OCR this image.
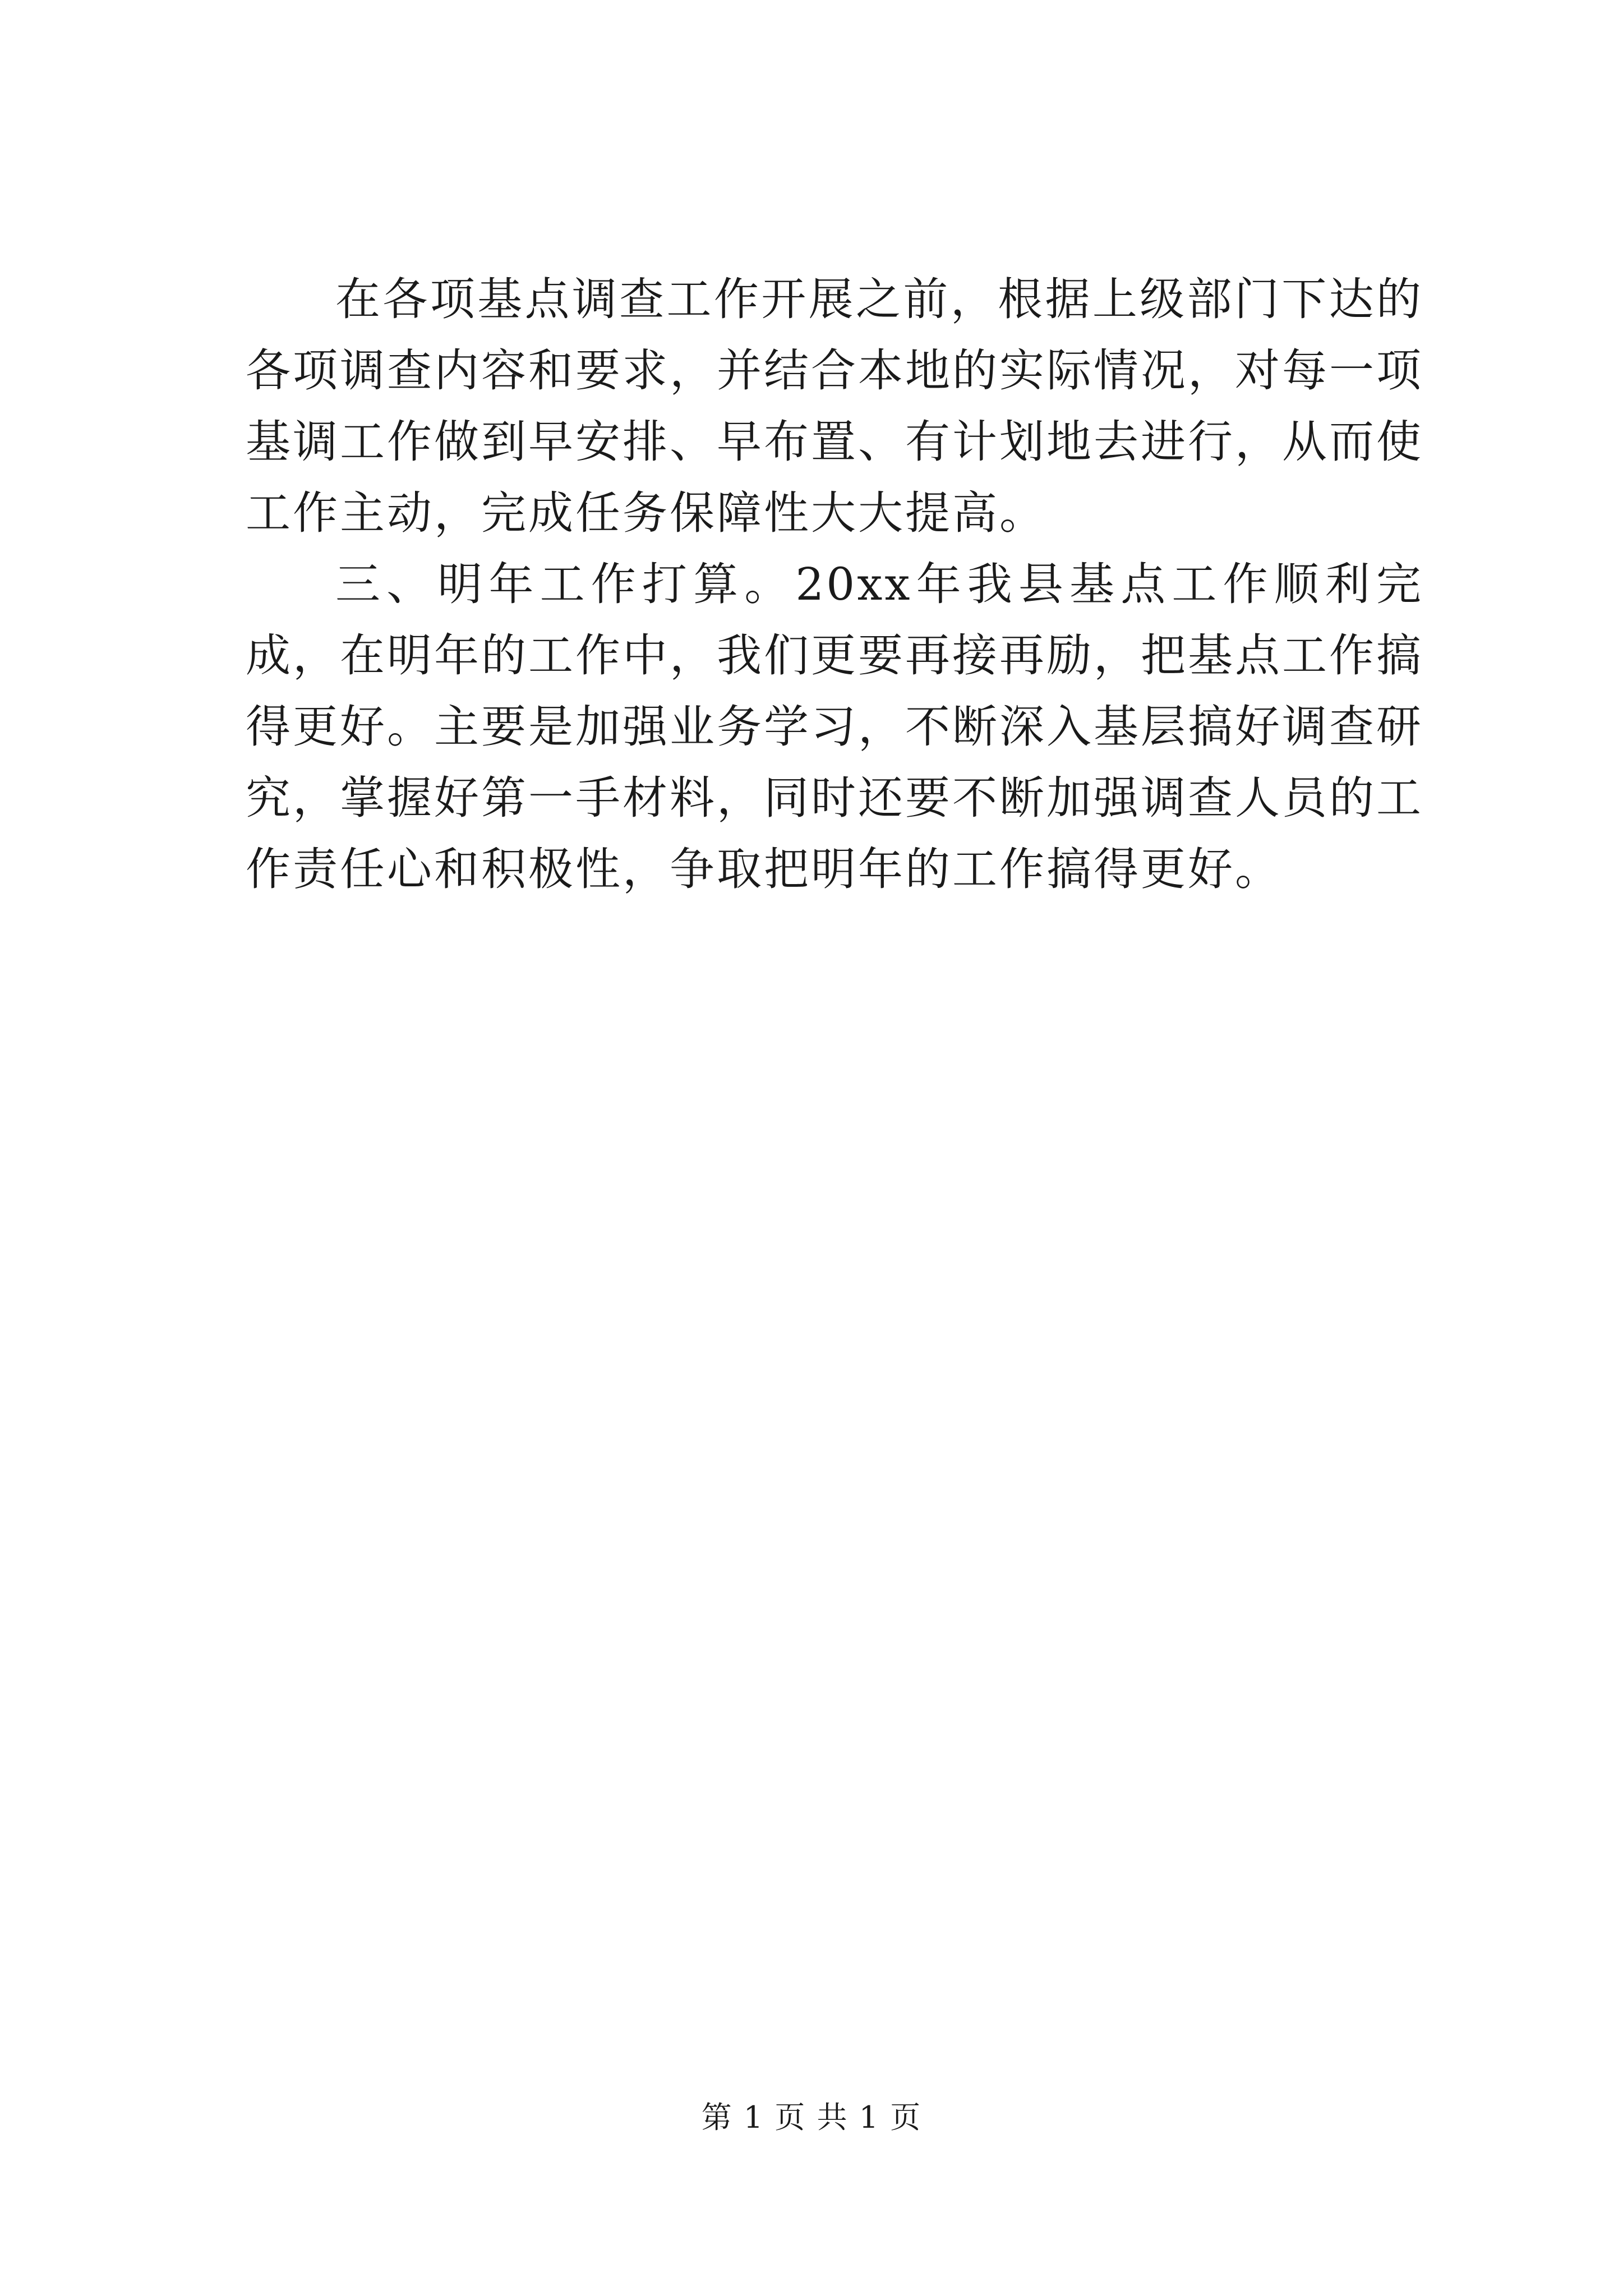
在各项基点调查工作开展之前，根据上级部门下达的各项调查内容和要求，并结合本地的实际情况，对每一项基调工作做到早安排、早布置、有计划地去进行，从而使工作主动，完成任务保障性大大提高。

三、明年工作打算。20xx年我县基点工作顺利完成，在明年的工作中，我们更要再接再励，把基点工作搞得更好。主要是加强业务学习，不断深入基层搞好调查研究，掌握好第一手材料，同时还要不断加强调查人员的工作责任心和积极性，争取把明年的工作搞得更好。

第 1 页 共 1 页
